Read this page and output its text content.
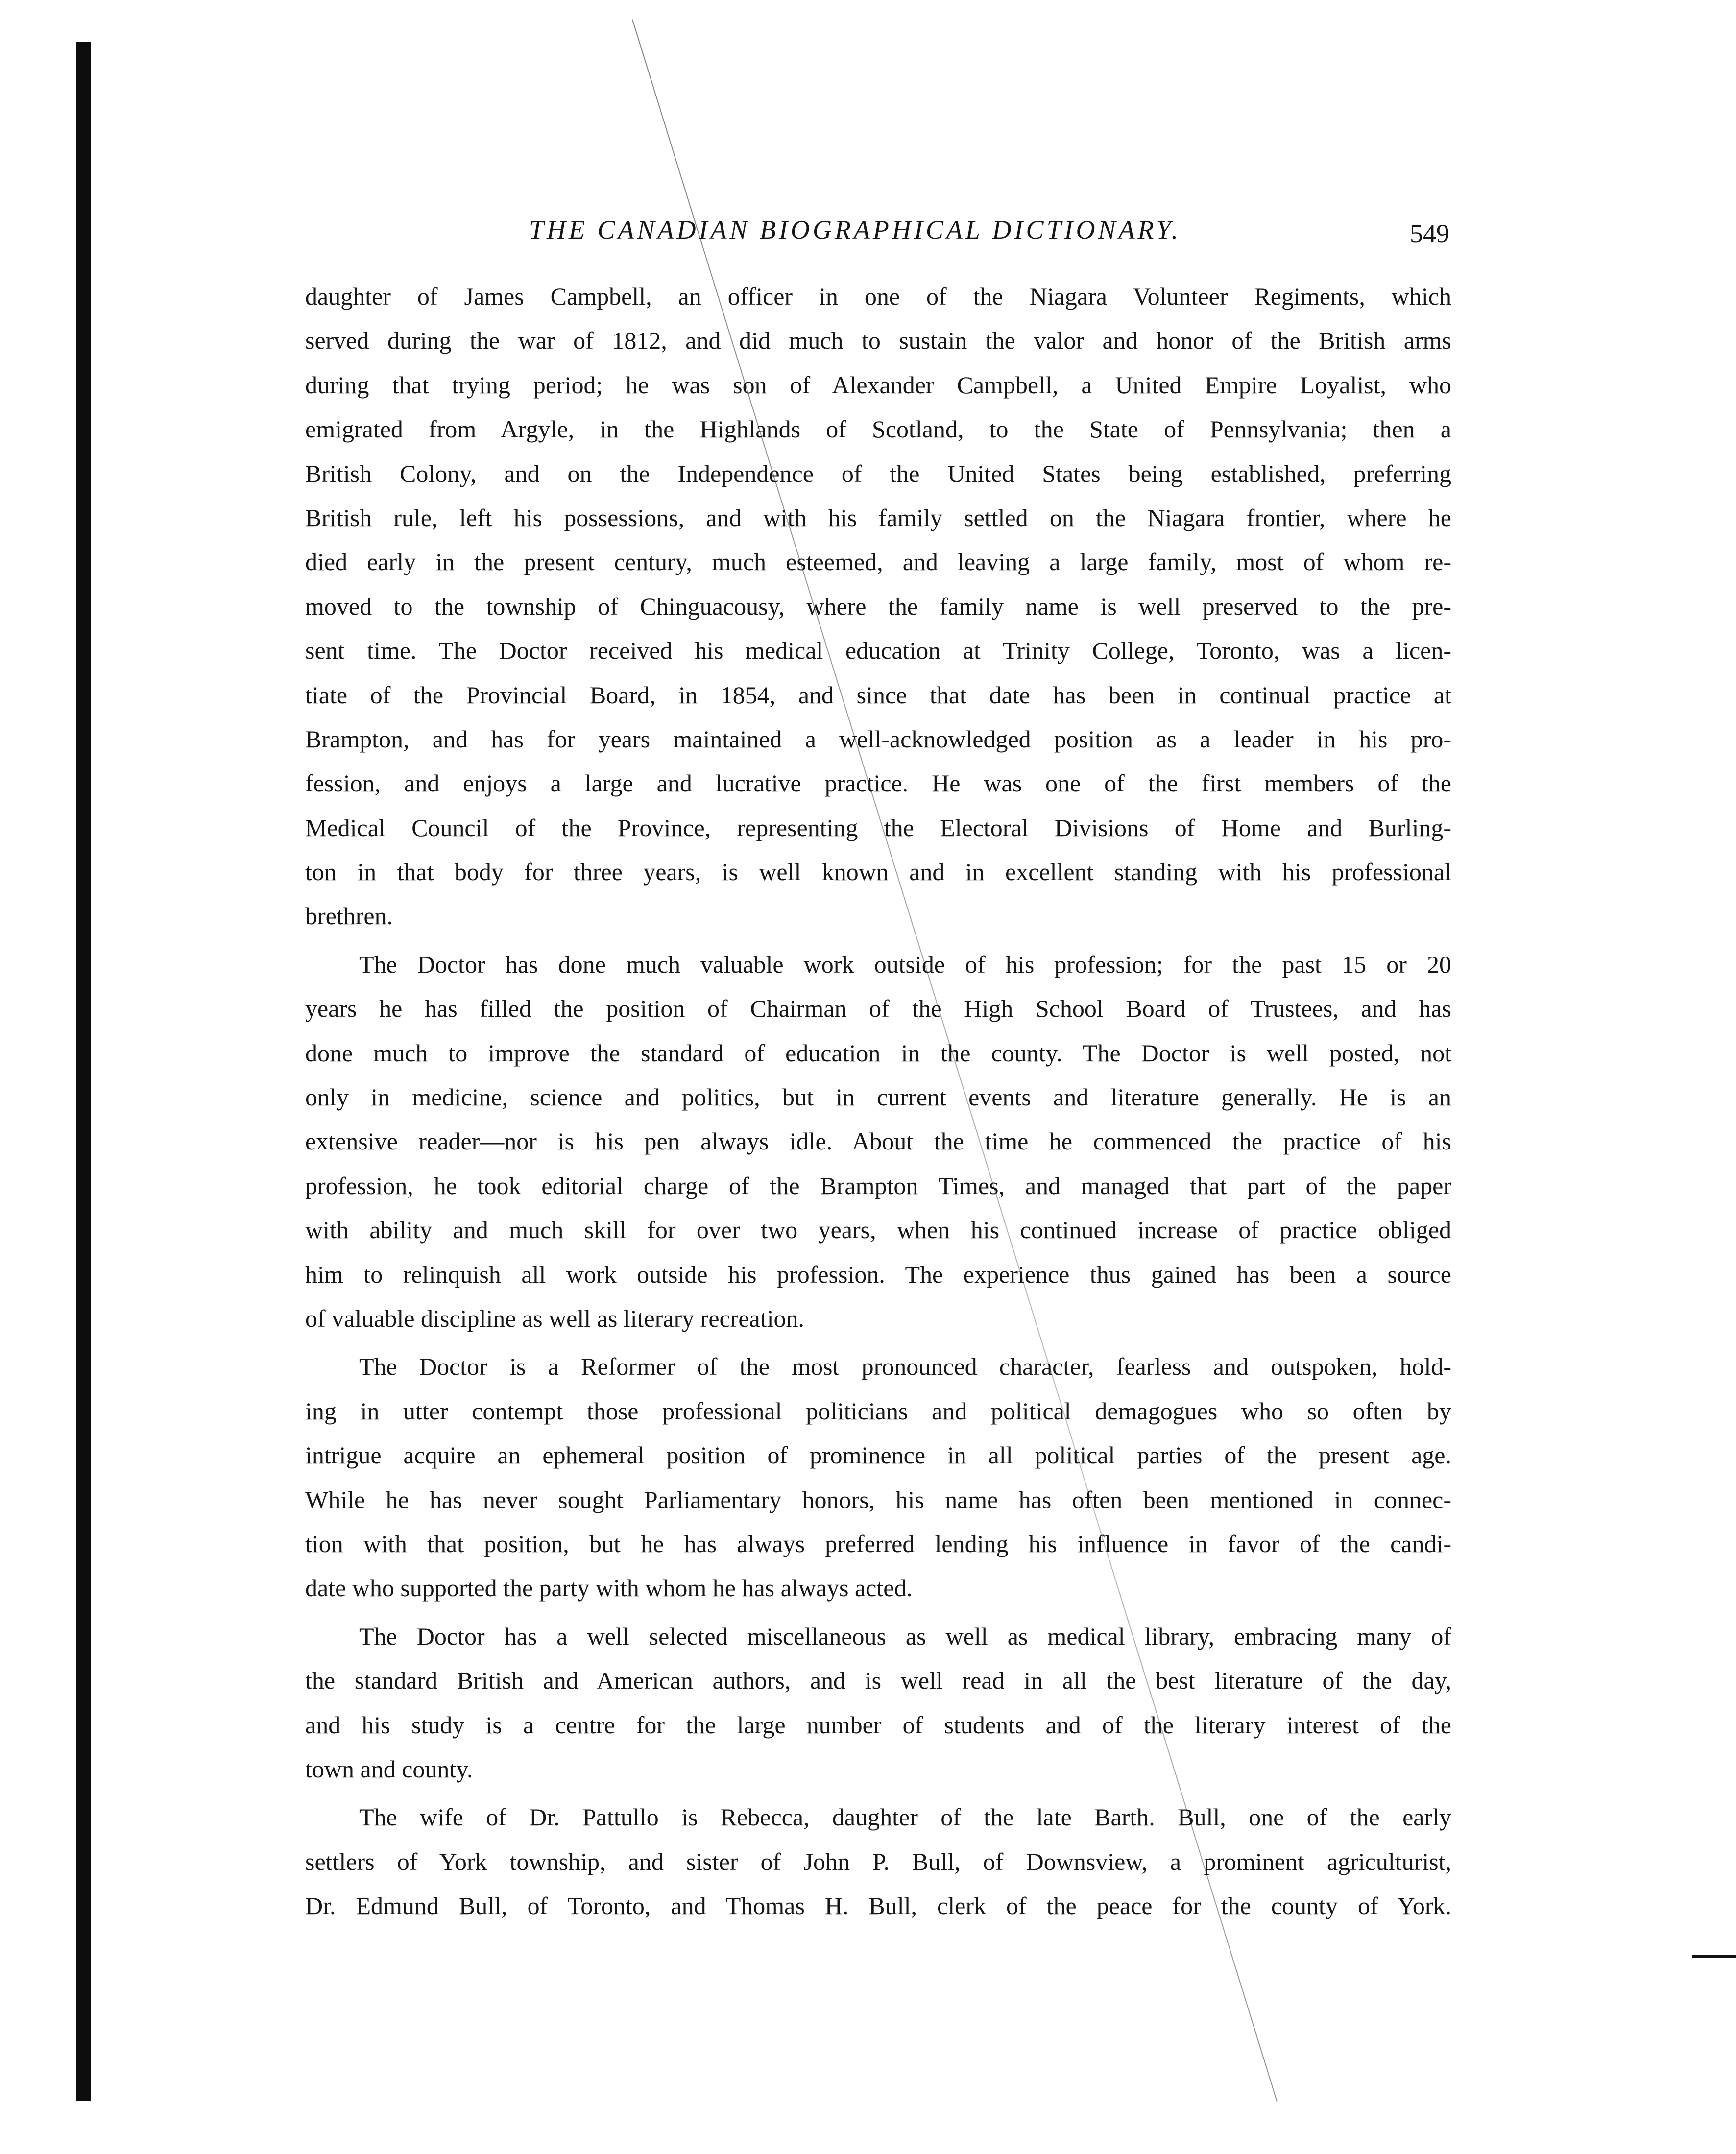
THE CANADIAN BIOGRAPHICAL DICTIONARY.	549
daughter of James Campbell, an officer in one of the Niagara Volunteer Regiments, which
served during the war of 1812, and did much to sustain the valor and honor of the British arms
during that trying period; he was son of Alexander Campbell, a United Empire Loyalist, who
emigrated from Argyle, in the Highlands of Scotland, to the State of Pennsylvania; then a
British Colony, and on the Independence of the United States being established, preferring
British rule, left his possessions, and with his family settled on the Niagara frontier, where he
died early in the present century, much esteemed, and leaving a large family, most of whom re-
moved to the township of Chinguacousy, where the family name is well preserved to the pre-
sent time. The Doctor received his medical education at Trinity College, Toronto, was a licen-
tiate of the Provincial Board, in 1854, and since that date has been in continual practice at
Brampton, and has for years maintained a well-acknowledged position as a leader in his pro-
fession, and enjoys a large and lucrative practice. He was one of the first members of the
Medical Council of the Province, representing the Electoral Divisions of Home and Burling-
ton in that body for three years, is well known and in excellent standing with his professional
brethren.
The Doctor has done much valuable work outside of his profession; for the past 15 or 20
years he has filled the position of Chairman of the High School Board of Trustees, and has
done much to improve the standard of education in the county. The Doctor is well posted, not
only in medicine, science and politics, but in current events and literature generally. He is an
extensive reader—nor is his pen always idle. About the time he commenced the practice of his
profession, he took editorial charge of the Brampton Times, and managed that part of the paper
with ability and much skill for over two years, when his continued increase of practice obliged
him to relinquish all work outside his profession. The experience thus gained has been a source
of valuable discipline as well as literary recreation.
The Doctor is a Reformer of the most pronounced character, fearless and outspoken, hold-
ing in utter contempt those professional politicians and political demagogues who so often by
intrigue acquire an ephemeral position of prominence in all political parties of the present age.
While he has never sought Parliamentary honors, his name has often been mentioned in connec-
tion with that position, but he has always preferred lending his influence in favor of the candi-
date who supported the party with whom he has always acted.
The Doctor has a well selected miscellaneous as well as medical library, embracing many of
the standard British and American authors, and is well read in all the best literature of the day,
and his study is a centre for the large number of students and of the literary interest of the
town and county.
The wife of Dr. Pattullo is Rebecca, daughter of the late Barth. Bull, one of the early
settlers of York township, and sister of John P. Bull, of Downsview, a prominent agriculturist,
Dr. Edmund Bull, of Toronto, and Thomas H. Bull, clerk of the peace for the county of York.
